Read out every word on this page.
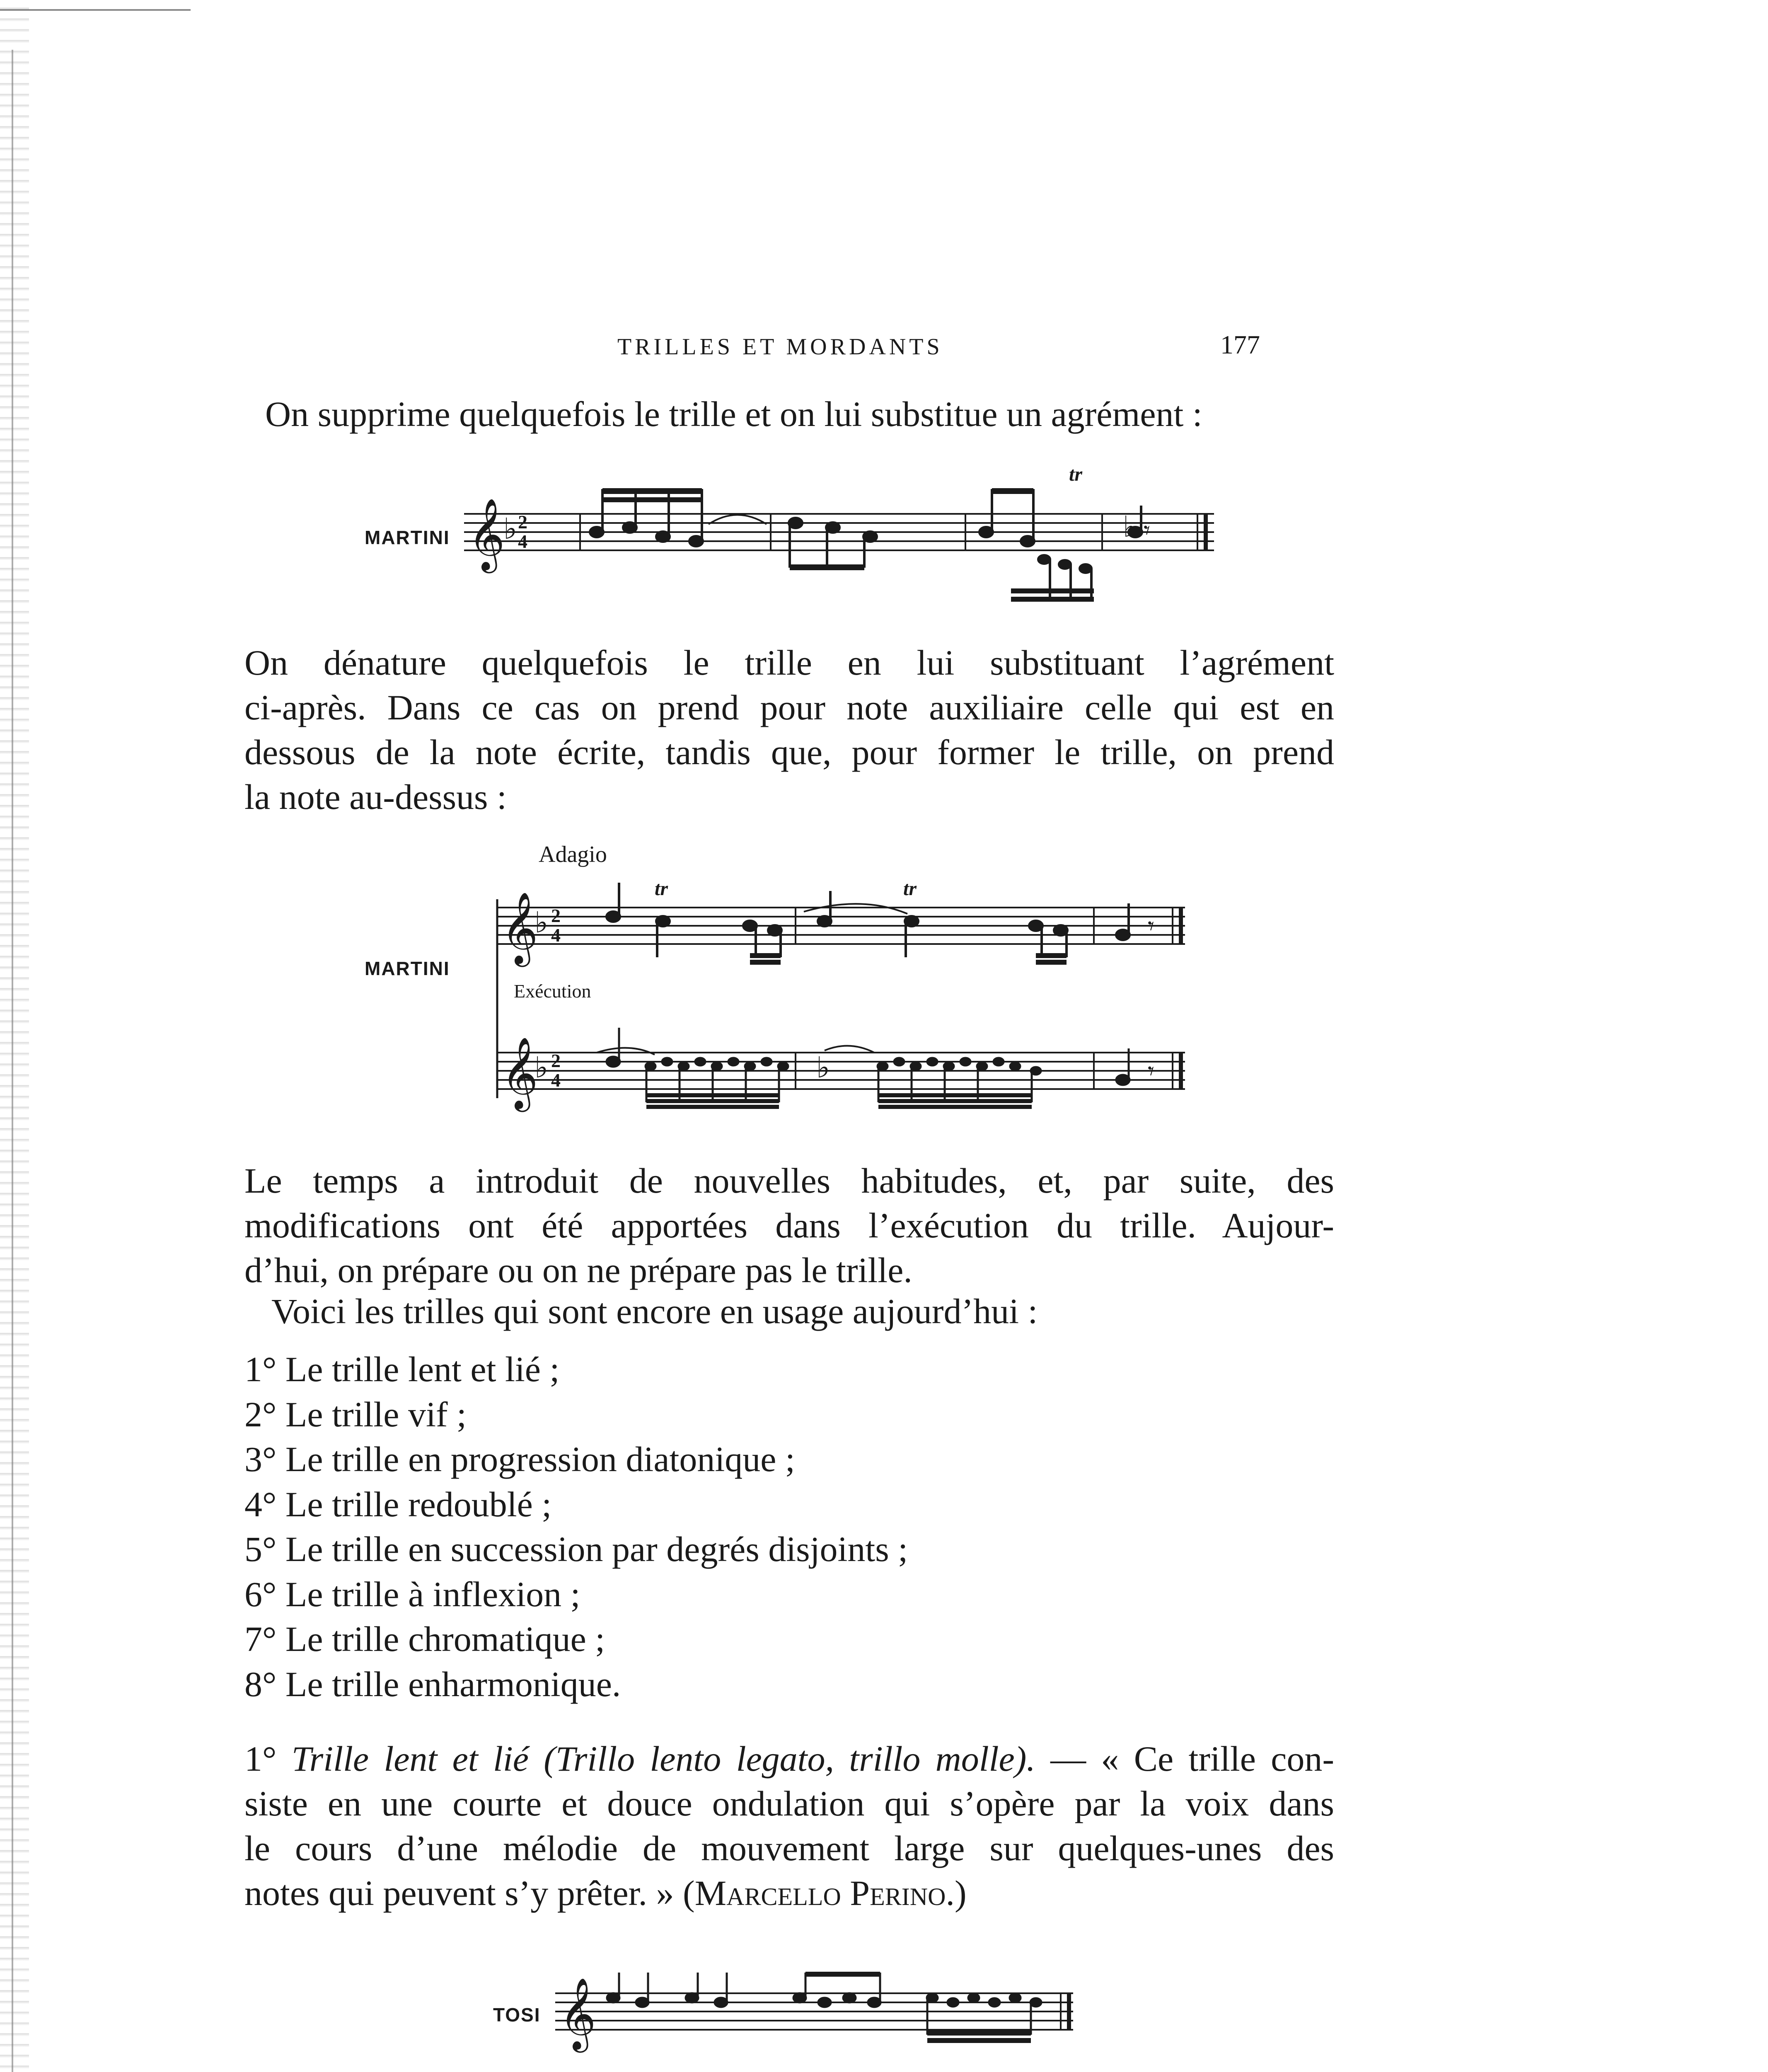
TRILLES ET MORDANTS	177

On supprime quelquefois le trille et on lui substitue un agrément :

MARTINI 𝄞
♭ 2
4	𝄾
♭
tr

On dénature quelquefois le trille en lui substituant l’agrément
ci-après. Dans ce cas on prend pour note auxiliaire celle qui est en
dessous de la note écrite, tandis que, pour former le trille, on prend
la note au-dessus :

MARTINI
Adagio
Exécution
𝄞
♭ 2
4
𝄞
♭ 2
4
tr	tr
𝄾
♭	𝄾

Le temps a introduit de nouvelles habitudes, et, par suite, des
modifications ont été apportées dans l’exécution du trille. Aujour-
d’hui, on prépare ou on ne prépare pas le trille.

Voici les trilles qui sont encore en usage aujourd’hui :

1° Le trille lent et lié ;
2° Le trille vif ;
3° Le trille en progression diatonique ;
4° Le trille redoublé ;
5° Le trille en succession par degrés disjoints ;
6° Le trille à inflexion ;
7° Le trille chromatique ;
8° Le trille enharmonique.

1° Trille lent et lié (Trillo lento legato, trillo molle). — « Ce trille con-
siste en une courte et douce ondulation qui s’opère par la voix dans
le cours d’une mélodie de mouvement large sur quelques-unes des
notes qui peuvent s’y prêter. » (Marcello Perino.)

TOSI 𝄞
